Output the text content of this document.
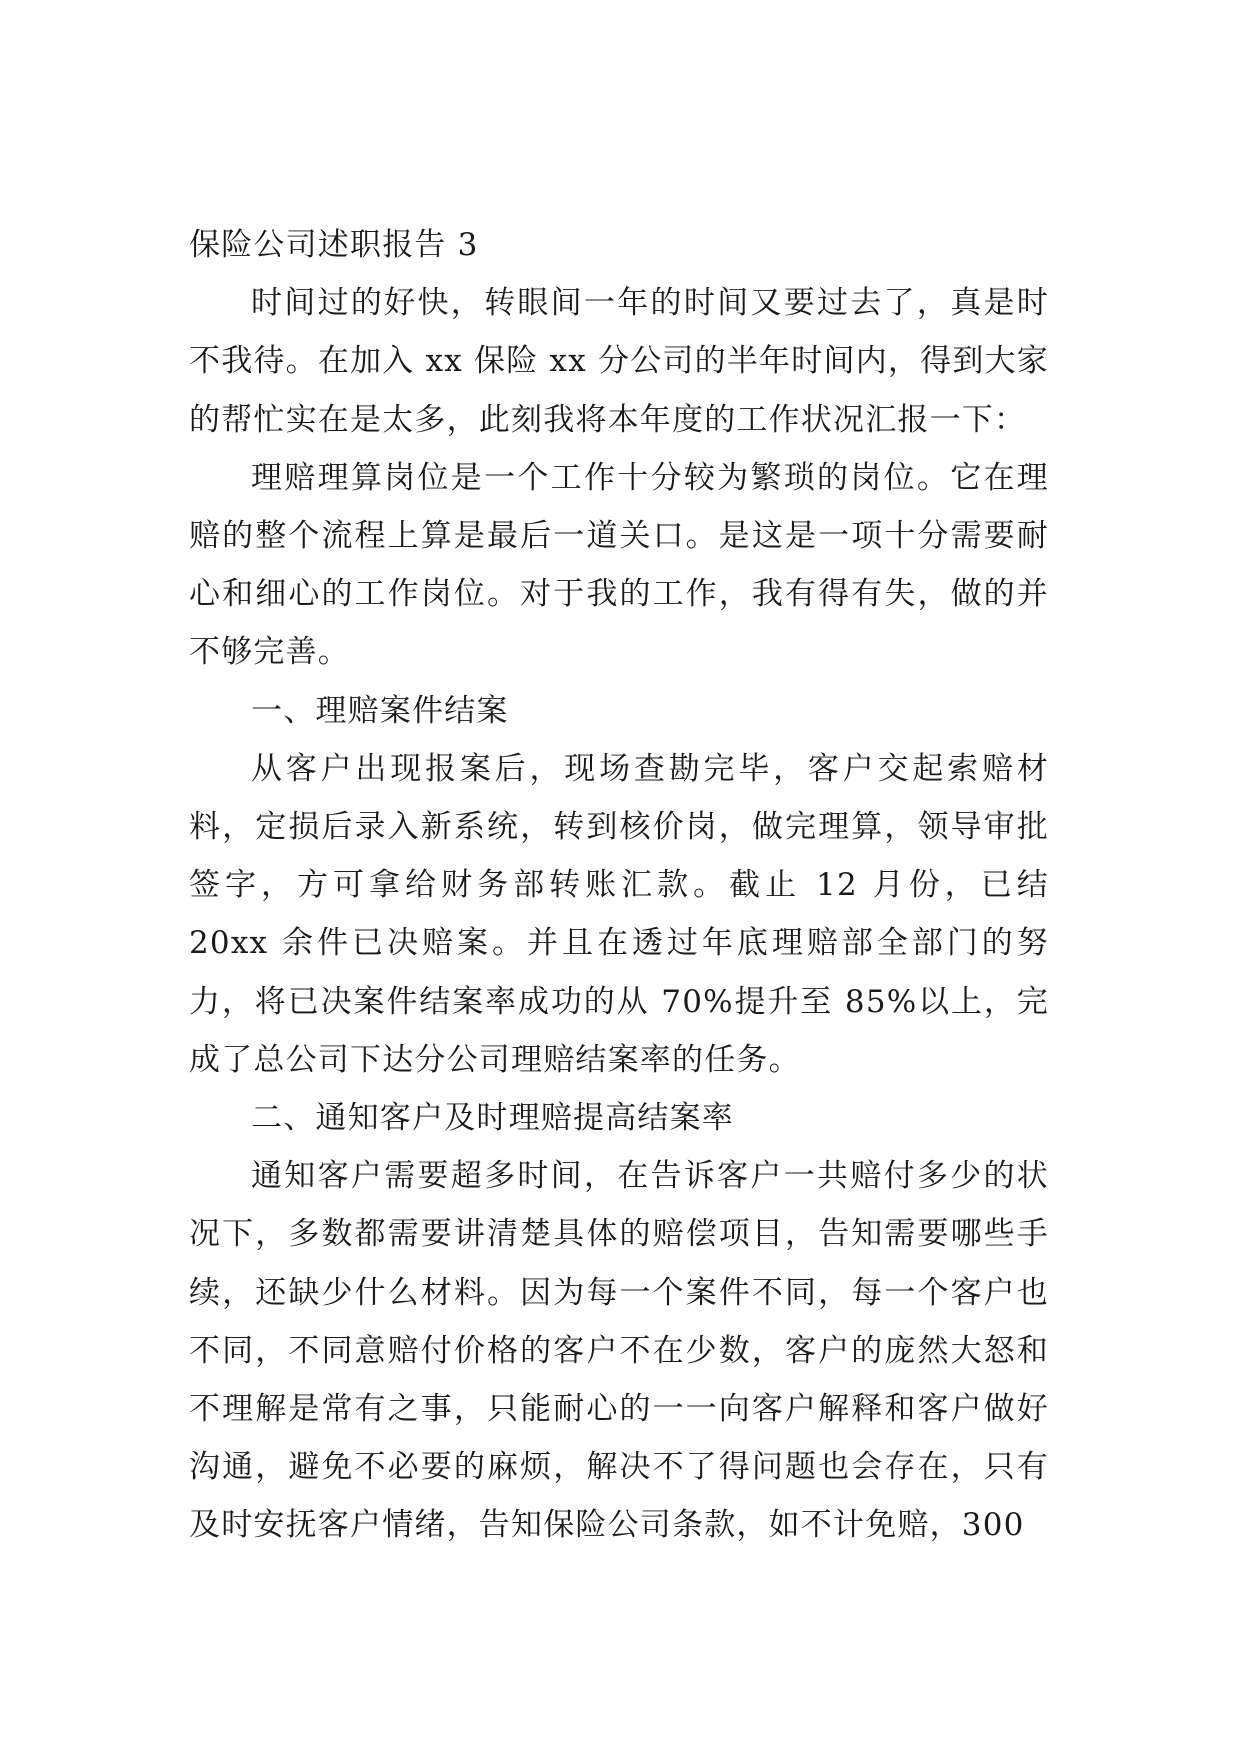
保险公司述职报告 3

时间过的好快，转眼间一年的时间又要过去了，真是时不我待。在加入 xx 保险 xx 分公司的半年时间内，得到大家的帮忙实在是太多，此刻我将本年度的工作状况汇报一下：

理赔理算岗位是一个工作十分较为繁琐的岗位。它在理赔的整个流程上算是最后一道关口。是这是一项十分需要耐心和细心的工作岗位。对于我的工作，我有得有失，做的并不够完善。

一、理赔案件结案

从客户出现报案后，现场查勘完毕，客户交起索赔材料，定损后录入新系统，转到核价岗，做完理算，领导审批签字，方可拿给财务部转账汇款。截止 12 月份，已结 20xx 余件已决赔案。并且在透过年底理赔部全部门的努力，将已决案件结案率成功的从 70%提升至 85%以上，完成了总公司下达分公司理赔结案率的任务。

二、通知客户及时理赔提高结案率

通知客户需要超多时间，在告诉客户一共赔付多少的状况下，多数都需要讲清楚具体的赔偿项目，告知需要哪些手续，还缺少什么材料。因为每一个案件不同，每一个客户也不同，不同意赔付价格的客户不在少数，客户的庞然大怒和不理解是常有之事，只能耐心的一一向客户解释和客户做好沟通，避免不必要的麻烦，解决不了得问题也会存在，只有及时安抚客户情绪，告知保险公司条款，如不计免赔，300
